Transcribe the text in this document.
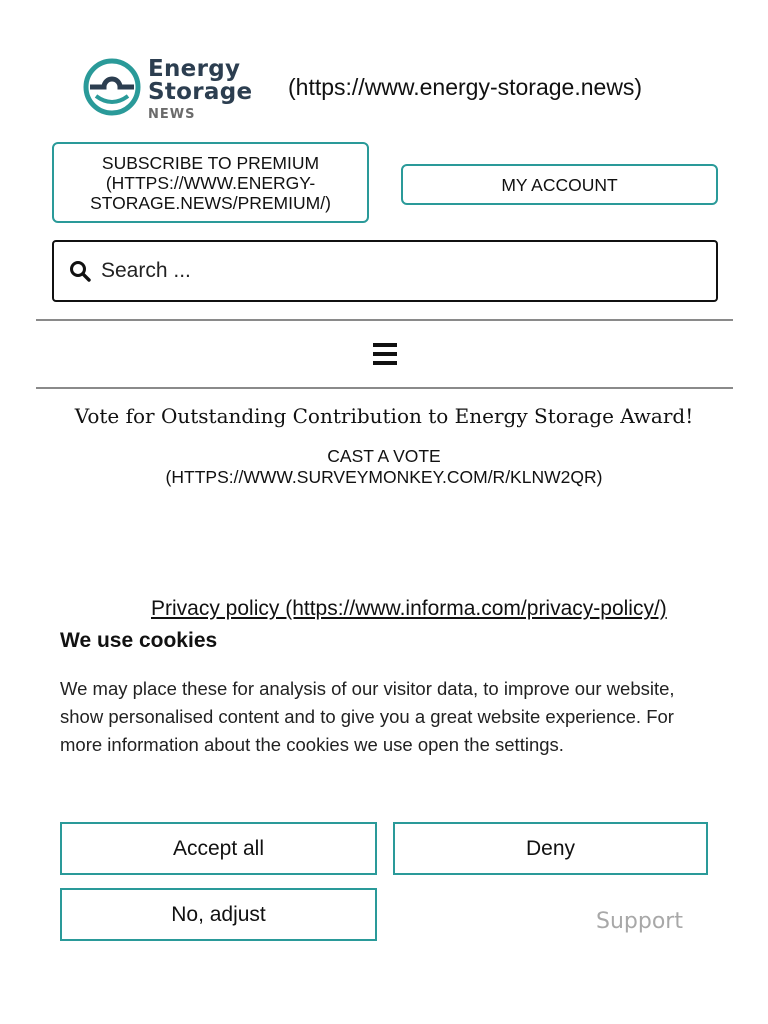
Energy
Storage
NEWS
(https://www.energy-storage.news)
SUBSCRIBE TO PREMIUM (HTTPS://WWW.ENERGY-STORAGE.NEWS/PREMIUM/)
MY ACCOUNT
Search ...
Vote for Outstanding Contribution to Energy Storage Award!
CAST A VOTE
(HTTPS://WWW.SURVEYMONKEY.COM/R/KLNW2QR)
Privacy policy (https://www.informa.com/privacy-policy/)
We use cookies
We may place these for analysis of our visitor data, to improve our website, show personalised content and to give you a great website experience. For more information about the cookies we use open the settings.
Accept all	Deny
No, adjust	Support
